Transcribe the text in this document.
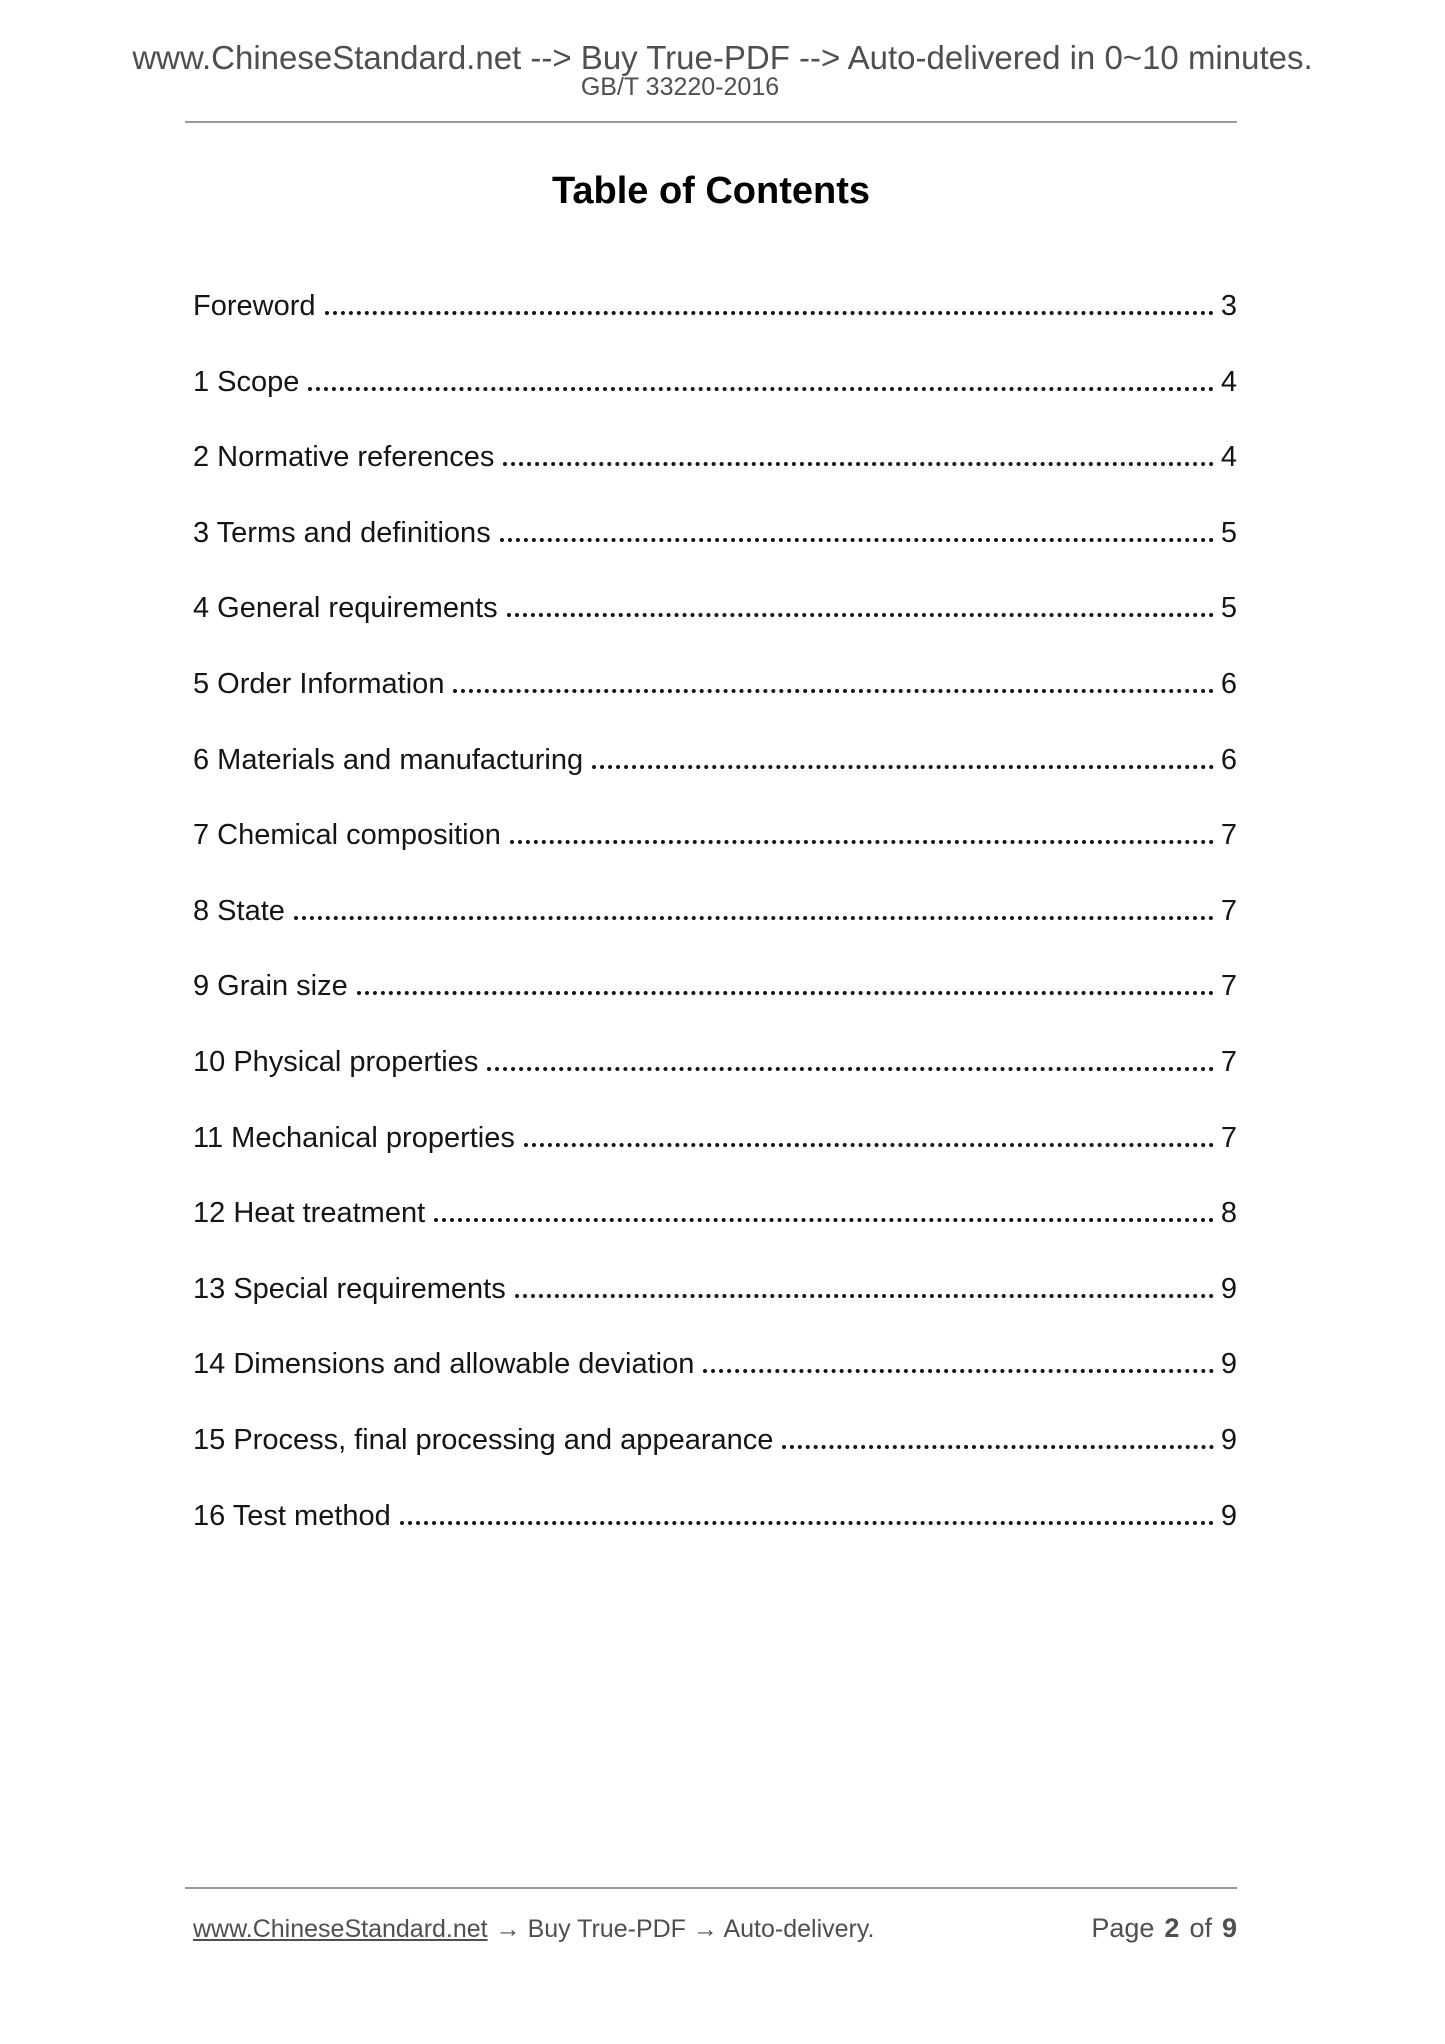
www.ChineseStandard.net --> Buy True-PDF --> Auto-delivered in 0~10 minutes.
GB/T 33220-2016
Table of Contents
Foreword	3
1 Scope	4
2 Normative references	4
3 Terms and definitions	5
4 General requirements	5
5 Order Information	6
6 Materials and manufacturing	6
7 Chemical composition	7
8 State	7
9 Grain size	7
10 Physical properties	7
11 Mechanical properties	7
12 Heat treatment	8
13 Special requirements	9
14 Dimensions and allowable deviation	9
15 Process, final processing and appearance	9
16 Test method	9
www.ChineseStandard.net → Buy True-PDF → Auto-delivery.	Page 2 of 9
